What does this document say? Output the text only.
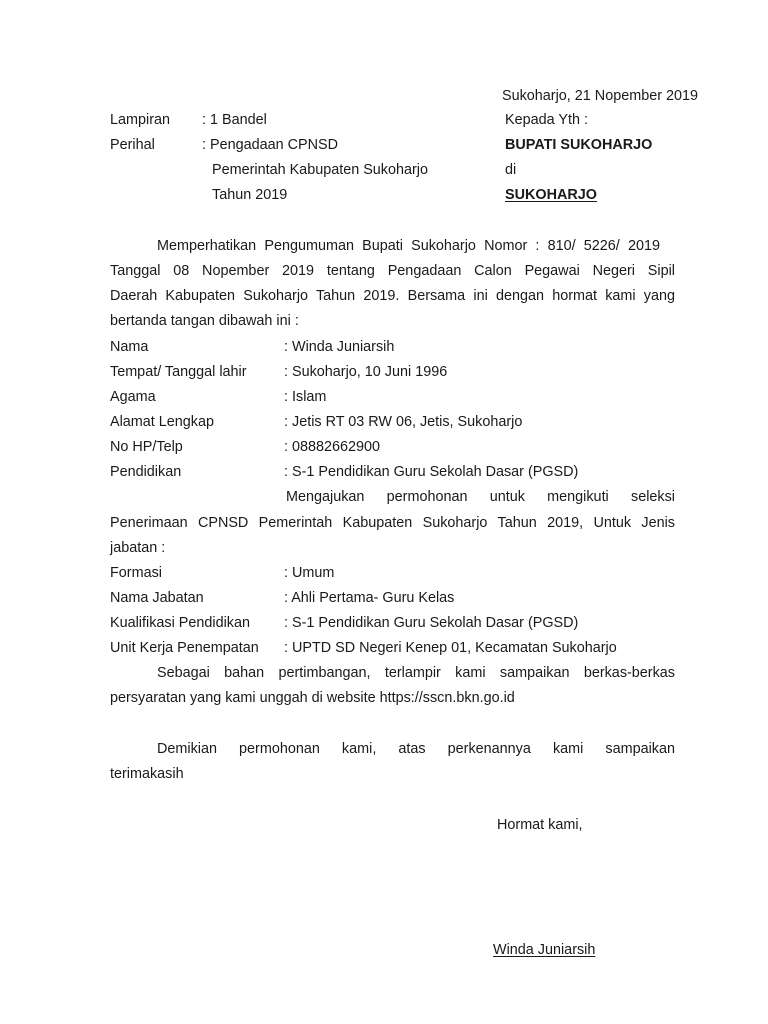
Sukoharjo, 21 Nopember 2019
Lampiran : 1 Bandel	Kepada Yth :
Perihal	: Pengadaan CPNSD	BUPATI SUKOHARJO
Pemerintah Kabupaten Sukoharjo	di
Tahun 2019	SUKOHARJO
Memperhatikan Pengumuman Bupati Sukoharjo Nomor : 810/ 5226/ 2019
Tanggal 08 Nopember 2019 tentang Pengadaan Calon Pegawai Negeri Sipil
Daerah Kabupaten Sukoharjo Tahun 2019. Bersama ini dengan hormat kami yang
bertanda tangan dibawah ini :
Nama	: Winda Juniarsih
Tempat/ Tanggal lahir	: Sukoharjo, 10 Juni 1996
Agama	: Islam
Alamat Lengkap	: Jetis RT 03 RW 06, Jetis, Sukoharjo
No HP/Telp	: 08882662900
Pendidikan	: S-1 Pendidikan Guru Sekolah Dasar (PGSD)
Mengajukan permohonan untuk mengikuti seleksi
Penerimaan CPNSD Pemerintah Kabupaten Sukoharjo Tahun 2019, Untuk Jenis
jabatan :
Formasi	: Umum
Nama Jabatan	: Ahli Pertama- Guru Kelas
Kualifikasi Pendidikan : S-1 Pendidikan Guru Sekolah Dasar (PGSD)
Unit Kerja Penempatan : UPTD SD Negeri Kenep 01, Kecamatan Sukoharjo
Sebagai bahan pertimbangan, terlampir kami sampaikan berkas-berkas
persyaratan yang kami unggah di website https://sscn.bkn.go.id
Demikian permohonan kami, atas perkenannya kami sampaikan
terimakasih
Hormat kami,
Winda Juniarsih
